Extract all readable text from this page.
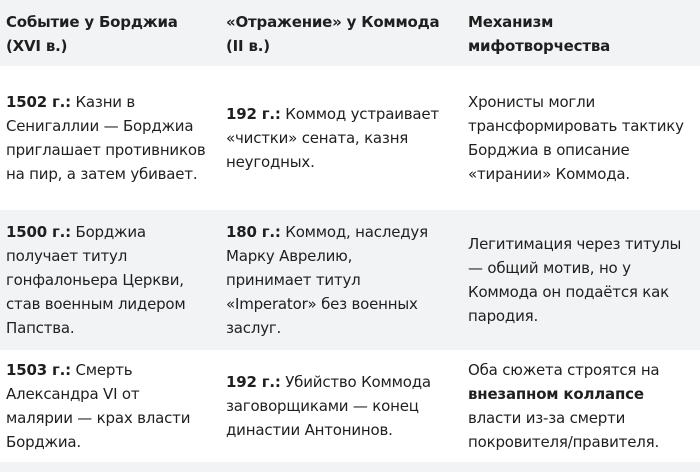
Событие у Борджиа
(XVI в.)
«Отражение» у Коммода
(II в.)
Механизм мифотворчества
1502 г.: Казни в Сенигаллии — Борджиа приглашает противников на пир, а затем убивает.
192 г.: Коммод устраивает «чистки» сената, казня неугодных.
Хронисты могли трансформировать тактику Борджиа в описание «тирании» Коммода.
1500 г.: Борджиа получает титул гонфалоньера Церкви, став военным лидером Папства.
180 г.: Коммод, наследуя Марку Аврелию, принимает титул «Imperator» без военных заслуг.
Легитимация через титулы — общий мотив, но у Коммода он подаётся как пародия.
1503 г.: Смерть Александра VI от малярии — крах власти Борджиа.
192 г.: Убийство Коммода заговорщиками — конец династии Антонинов.
Оба сюжета строятся на внезапном коллапсе власти из-за смерти покровителя/правителя.
